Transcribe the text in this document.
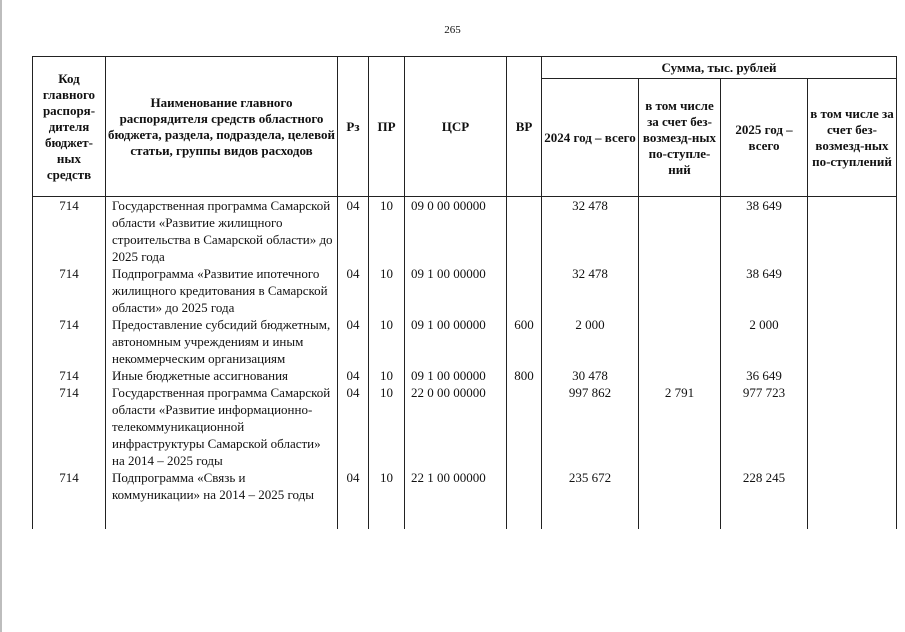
265
Код главного распоря-дителя бюджет-ных средств	Наименование главного распорядителя средств областного бюджета, раздела, подраздела, целевой статьи, группы видов расходов	Рз	ПР	ЦСР	ВР	Сумма, тыс. рублей			
						2024 год – всего	в том числе за счет без-возмезд-ных по-ступле-ний	2025 год – всего	в том числе за счет без-возмезд-ных по-ступлений
714	Государственная программа Самарской области «Развитие жилищного строительства в Самарской области» до 2025 года	04	10	09 0 00 00000		32 478		38 649	
714	Подпрограмма «Развитие ипотечного жилищного кредитования в Самарской области» до 2025 года	04	10	09 1 00 00000		32 478		38 649	
714	Предоставление субсидий бюджетным, автономным учреждениям и иным некоммерческим организациям	04	10	09 1 00 00000	600	2 000		2 000	
714	Иные бюджетные ассигнования	04	10	09 1 00 00000	800	30 478		36 649	
714	Государственная программа Самарской области «Развитие информационно-телекоммуникационной инфраструктуры Самарской области» на 2014 – 2025 годы	04	10	22 0 00 00000		997 862	2 791	977 723	
714	Подпрограмма «Связь и коммуникации» на 2014 – 2025 годы	04	10	22 1 00 00000		235 672		228 245	
